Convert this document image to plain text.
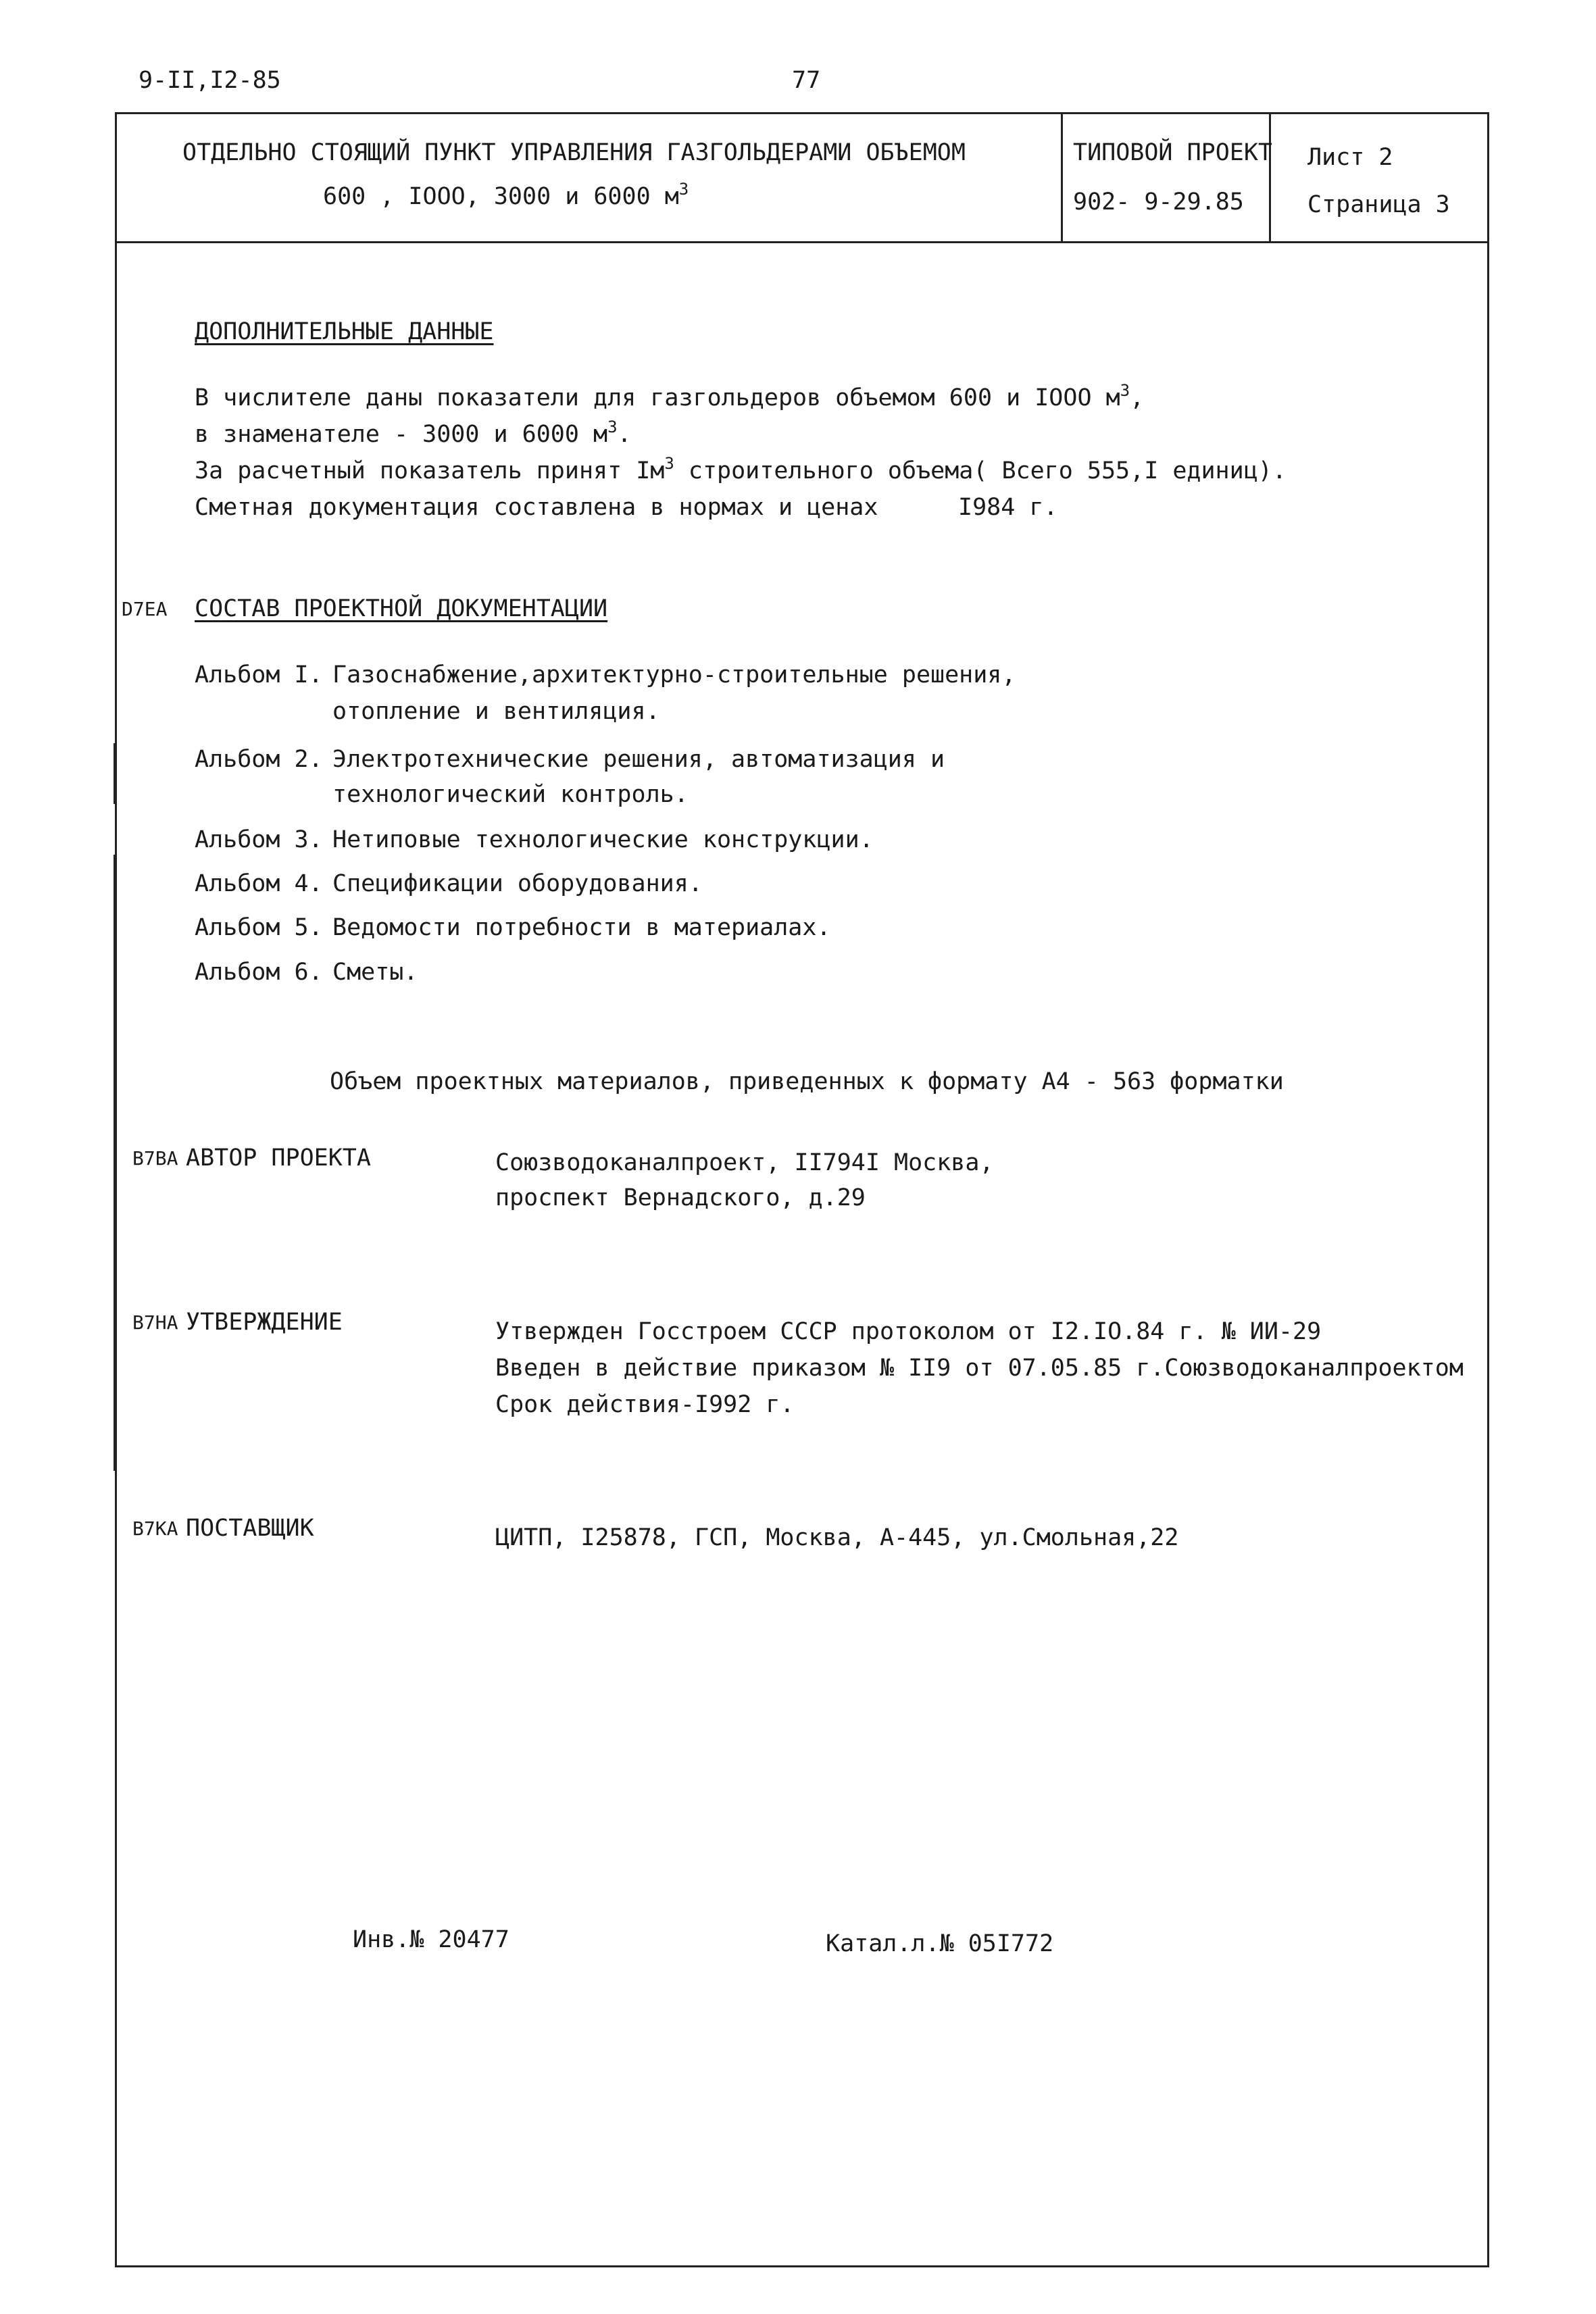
9-II,I2-85	77
ОТДЕЛЬНО СТОЯЩИЙ ПУНКТ УПРАВЛЕНИЯ ГАЗГОЛЬДЕРАМИ ОБЪЕМОМ
600 , IOOO, 3000 и 6000 $м^3$
ТИПОВОЙ ПРОЕКТ
902- 9-29.85
Лист 2
Страница 3
ДОПОЛНИТЕЛЬНЫЕ ДАННЫЕ
В числителе даны показатели для газгольдеров объемом 600 и IOOO $м^3$,
в знаменателе - 3000 и 6000 $м^3$.
За расчетный показатель принят $Iм^3$ строительного объема( Всего 555,I единиц).
Сметная документация составлена в нормах и ценах	I984 г.
D7EA СОСТАВ ПРОЕКТНОЙ ДОКУМЕНТАЦИИ
Альбом I. Газоснабжение,архитектурно-строительные решения,
отопление и вентиляция.
Альбом 2. Электротехнические решения, автоматизация и
технологический контроль.
Альбом 3. Нетиповые технологические конструкции.
Альбом 4. Спецификации оборудования.
Альбом 5. Ведомости потребности в материалах.
Альбом 6. Сметы.
Объем проектных материалов, приведенных к формату А4 - 563 форматки
B7BA АВТОР ПРОЕКТА	Союзводоканалпроект, II794I Москва,
проспект Вернадского, д.29
B7HA УТВЕРЖДЕНИЕ	Утвержден Госстроем СССР протоколом от I2.IO.84 г. № ИИ-29
Введен в действие приказом № II9 от 07.05.85 г.Союзводоканалпроектом
Срок действия-I992 г.
B7KA ПОСТАВЩИК	ЦИТП, I25878, ГСП, Москва, А-445, ул.Смольная,22
Инв.№ 20477	Катал.л.№ 05I772
